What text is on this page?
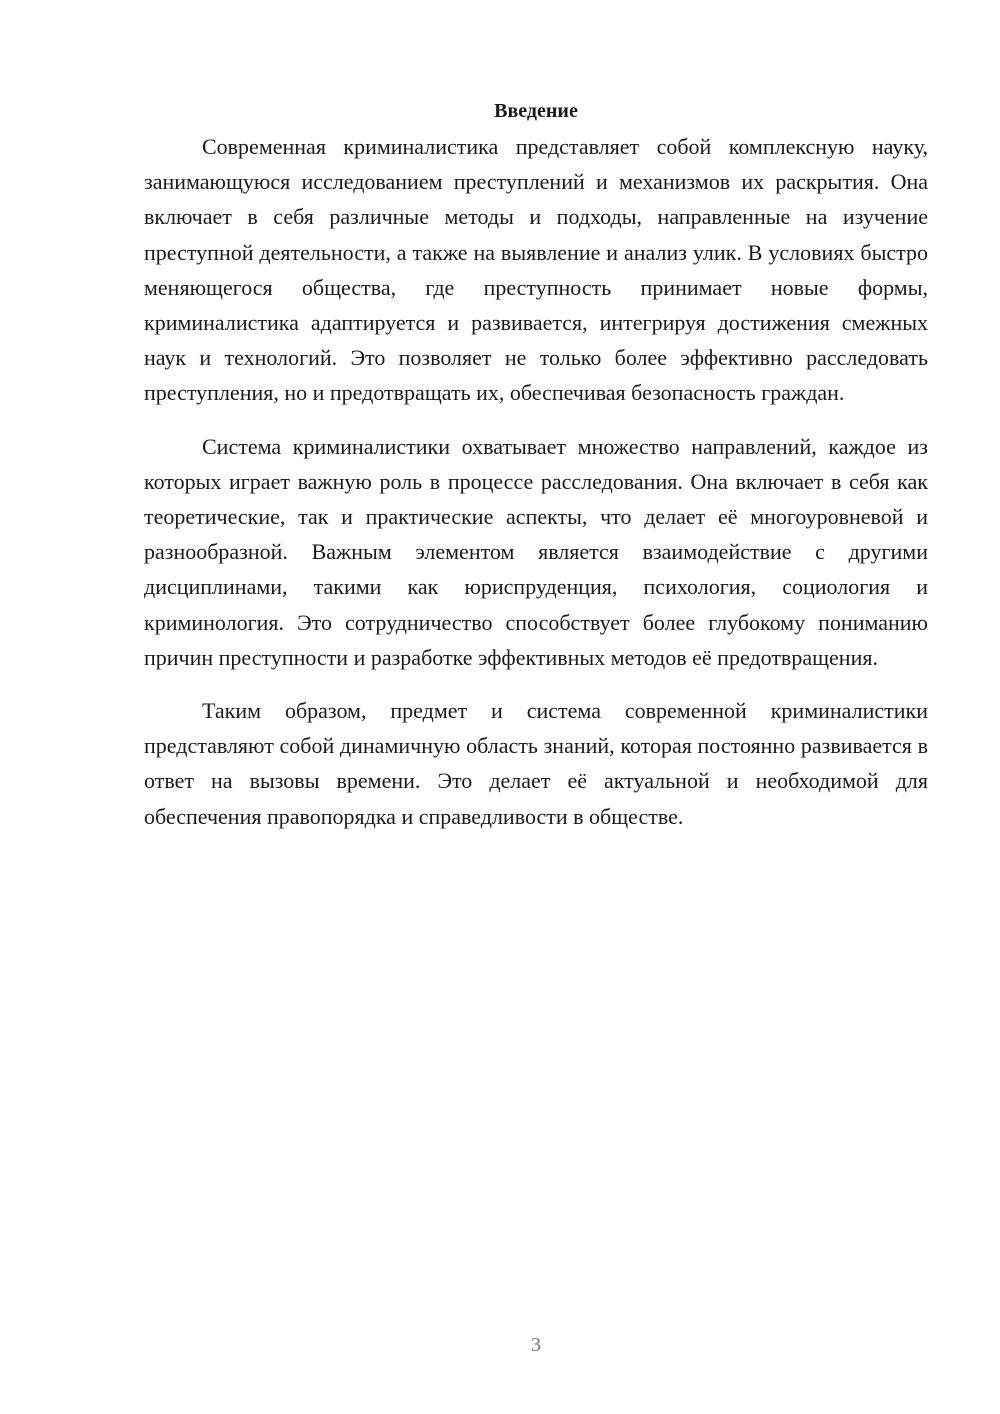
Введение

Современная криминалистика представляет собой комплексную науку, занимающуюся исследованием преступлений и механизмов их раскрытия. Она включает в себя различные методы и подходы, направленные на изучение преступной деятельности, а также на выявление и анализ улик. В условиях быстро меняющегося общества, где преступность принимает новые формы, криминалистика адаптируется и развивается, интегрируя достижения смежных наук и технологий. Это позволяет не только более эффективно расследовать преступления, но и предотвращать их, обеспечивая безопасность граждан.

Система криминалистики охватывает множество направлений, каждое из которых играет важную роль в процессе расследования. Она включает в себя как теоретические, так и практические аспекты, что делает её многоуровневой и разнообразной. Важным элементом является взаимодействие с другими дисциплинами, такими как юриспруденция, психология, социология и криминология. Это сотрудничество способствует более глубокому пониманию причин преступности и разработке эффективных методов её предотвращения.

Таким образом, предмет и система современной криминалистики представляют собой динамичную область знаний, которая постоянно развивается в ответ на вызовы времени. Это делает её актуальной и необходимой для обеспечения правопорядка и справедливости в обществе.

3
